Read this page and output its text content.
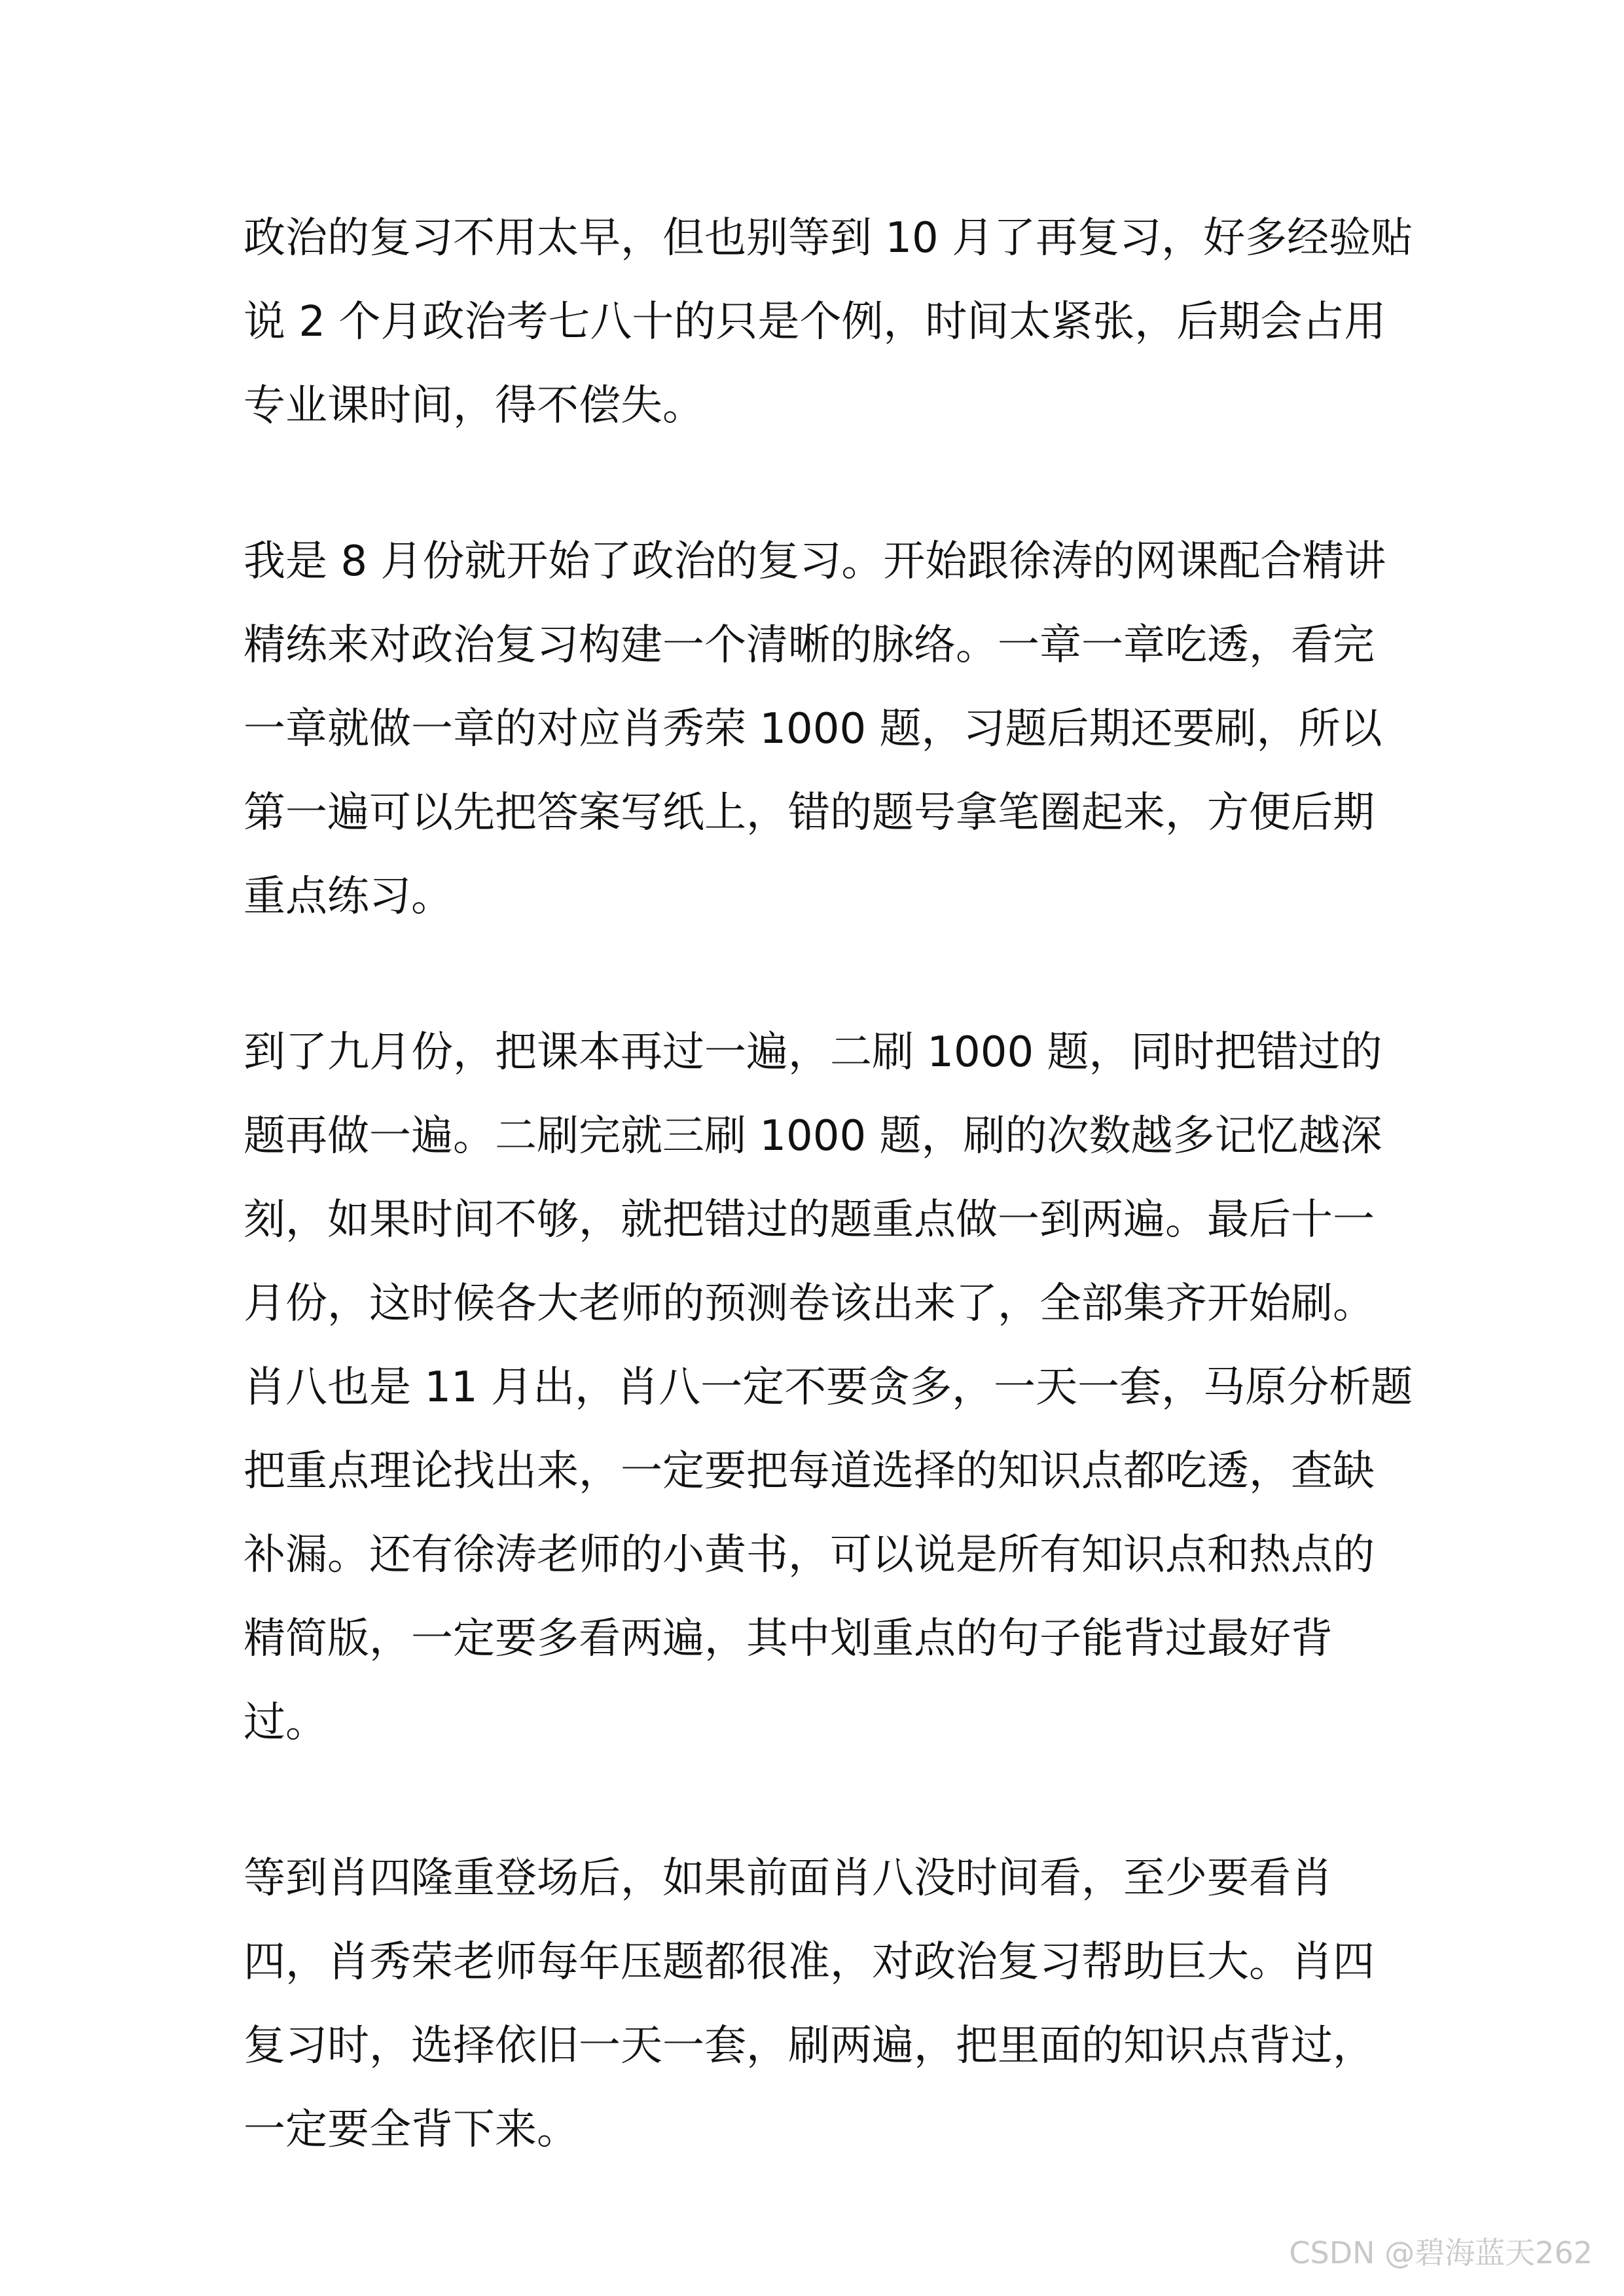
政治的复习不用太早，但也别等到 10 月了再复习，好多经验贴
说 2 个月政治考七八十的只是个例，时间太紧张，后期会占用
专业课时间，得不偿失。

我是 8 月份就开始了政治的复习。开始跟徐涛的网课配合精讲
精练来对政治复习构建一个清晰的脉络。一章一章吃透，看完
一章就做一章的对应肖秀荣 1000 题，习题后期还要刷，所以
第一遍可以先把答案写纸上，错的题号拿笔圈起来，方便后期
重点练习。

到了九月份，把课本再过一遍，二刷 1000 题，同时把错过的
题再做一遍。二刷完就三刷 1000 题，刷的次数越多记忆越深
刻，如果时间不够，就把错过的题重点做一到两遍。最后十一
月份，这时候各大老师的预测卷该出来了，全部集齐开始刷。
肖八也是 11 月出，肖八一定不要贪多，一天一套，马原分析题
把重点理论找出来，一定要把每道选择的知识点都吃透，查缺
补漏。还有徐涛老师的小黄书，可以说是所有知识点和热点的
精简版，一定要多看两遍，其中划重点的句子能背过最好背
过。

等到肖四隆重登场后，如果前面肖八没时间看，至少要看肖
四，肖秀荣老师每年压题都很准，对政治复习帮助巨大。肖四
复习时，选择依旧一天一套，刷两遍，把里面的知识点背过，
一定要全背下来。

CSDN @碧海蓝天262
